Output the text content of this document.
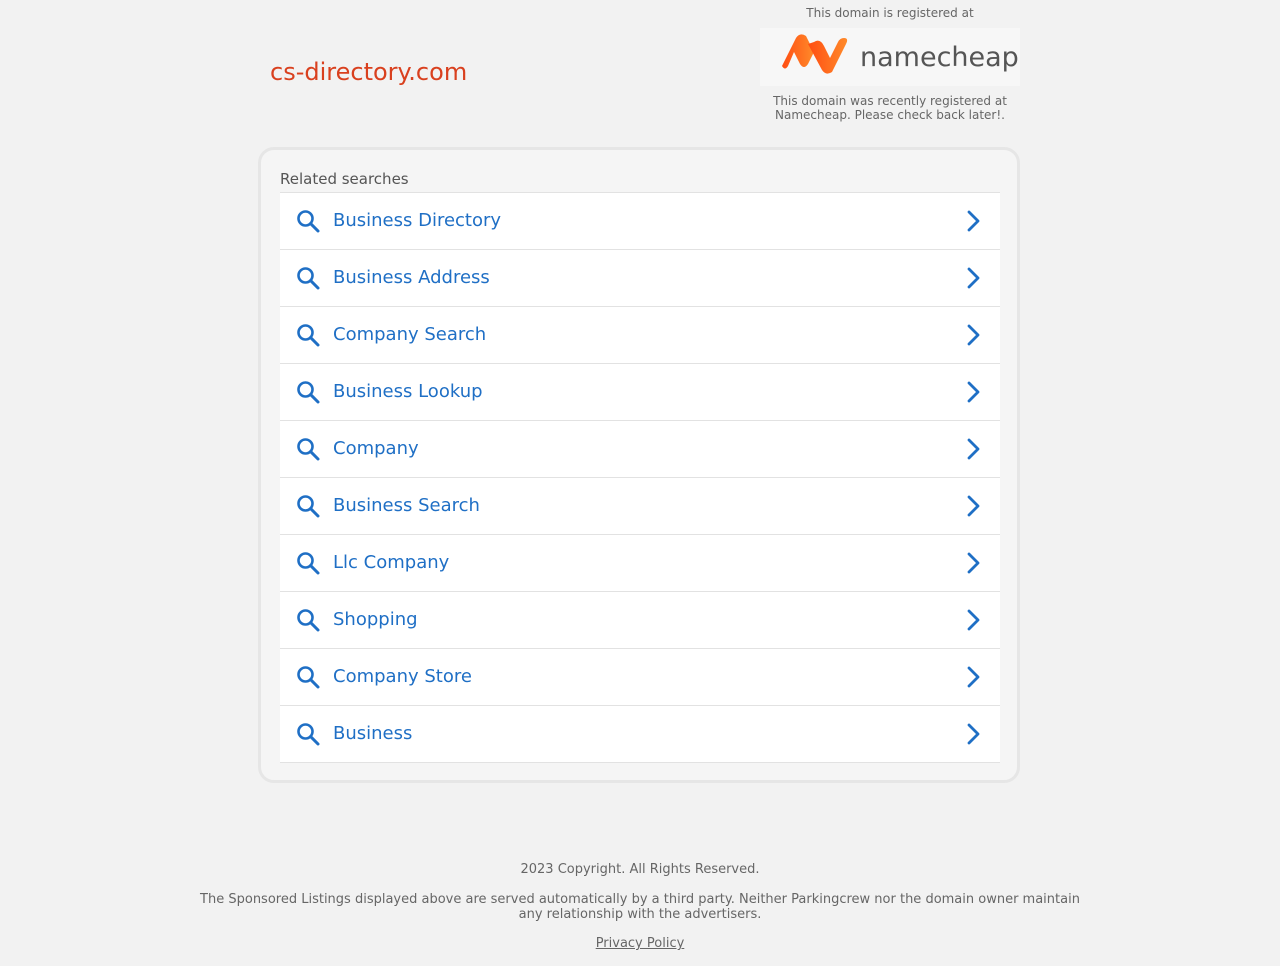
cs-directory.com
This domain is registered at
namecheap
This domain was recently registered at Namecheap. Please check back later!.
Related searches
Business Directory
Business Address
Company Search
Business Lookup
Company
Business Search
Llc Company
Shopping
Company Store
Business
2023 Copyright. All Rights Reserved.
The Sponsored Listings displayed above are served automatically by a third party. Neither Parkingcrew nor the domain owner maintain any relationship with the advertisers.
Privacy Policy
